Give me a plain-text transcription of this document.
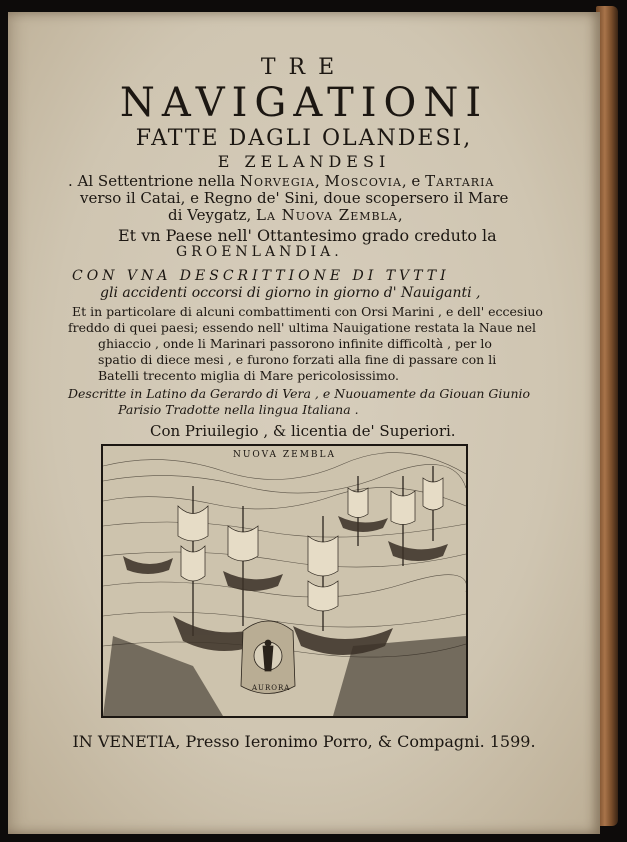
TRE
NAVIGATIONI
FATTE DAGLI OLANDESI,
E ZELANDESI
. Al Settentrione nella Norvegia, Moscovia, e Tartaria
verso il Catai, e Regno de' Sini, doue scopersero il Mare
di Veygatz, La Nuova Zembla,
Et vn Paese nell' Ottantesimo grado creduto la
GROENLANDIA.
CON VNA DESCRITTIONE DI TVTTI
gli accidenti occorsi di giorno in giorno d' Nauiganti ,
Et in particolare di alcuni combattimenti con Orsi Marini , e dell' eccesiuo
freddo di quei paesi; essendo nell' ultima Nauigatione restata la Naue nel
ghiaccio , onde li Marinari passorono infinite difficoltà , per lo
spatio di diece mesi , e furono forzati alla fine di passare con li
Batelli trecento miglia di Mare pericolosissimo.
Descritte in Latino da Gerardo di Vera , e Nuouamente da Giouan Giunio
Parisio Tradotte nella lingua Italiana .
Con Priuilegio , & licentia de' Superiori.
NUOVA ZEMBLA
AURORA
IN VENETIA, Presso Ieronimo Porro, & Compagni. 1599.
